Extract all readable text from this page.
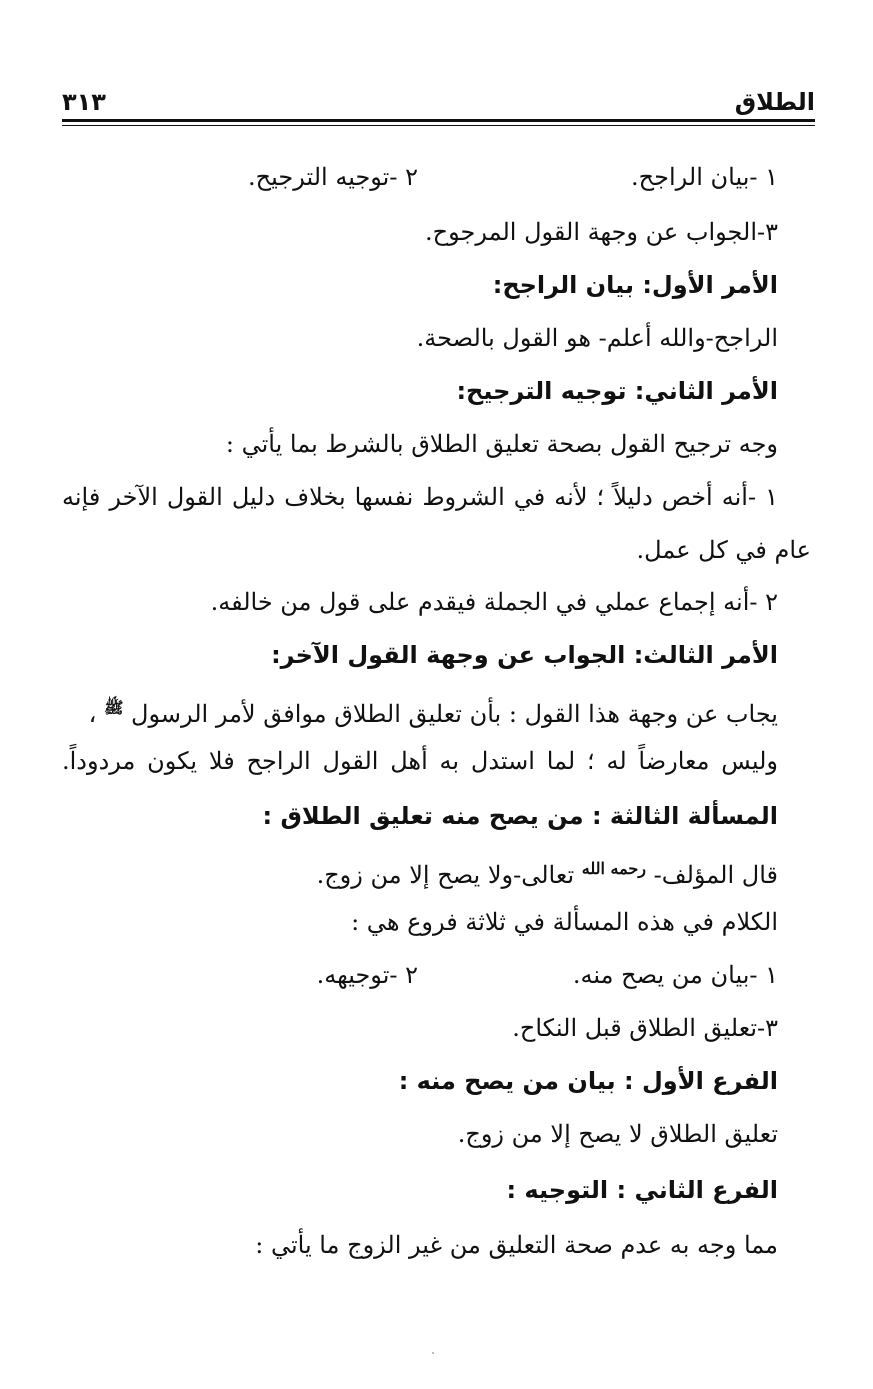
الطلاق
٣١٣
١ -بيان الراجح.
٢ -توجيه الترجيح.
٣-الجواب عن وجهة القول المرجوح.
الأمر الأول: بيان الراجح:
الراجح-والله أعلم- هو القول بالصحة.
الأمر الثاني: توجيه الترجيح:
وجه ترجيح القول بصحة تعليق الطلاق بالشرط بما يأتي :
١ -أنه أخص دليلاً ؛ لأنه في الشروط نفسها بخلاف دليل القول الآخر فإنه
عام في كل عمل.
٢ -أنه إجماع عملي في الجملة فيقدم على قول من خالفه.
الأمر الثالث: الجواب عن وجهة القول الآخر:
يجاب عن وجهة هذا القول : بأن تعليق الطلاق موافق لأمر الرسول $^ﷺ$ ،
وليس معارضاً له ؛ لما استدل به أهل القول الراجح فلا يكون مردوداً.
المسألة الثالثة : من يصح منه تعليق الطلاق :
قال المؤلف- $^{رحمه الله}$ تعالى-ولا يصح إلا من زوج.
الكلام في هذه المسألة في ثلاثة فروع هي :
١ -بيان من يصح منه.
٢ -توجيهه.
٣-تعليق الطلاق قبل النكاح.
الفرع الأول : بيان من يصح منه :
تعليق الطلاق لا يصح إلا من زوج.
الفرع الثاني : التوجيه :
مما وجه به عدم صحة التعليق من غير الزوج ما يأتي :
